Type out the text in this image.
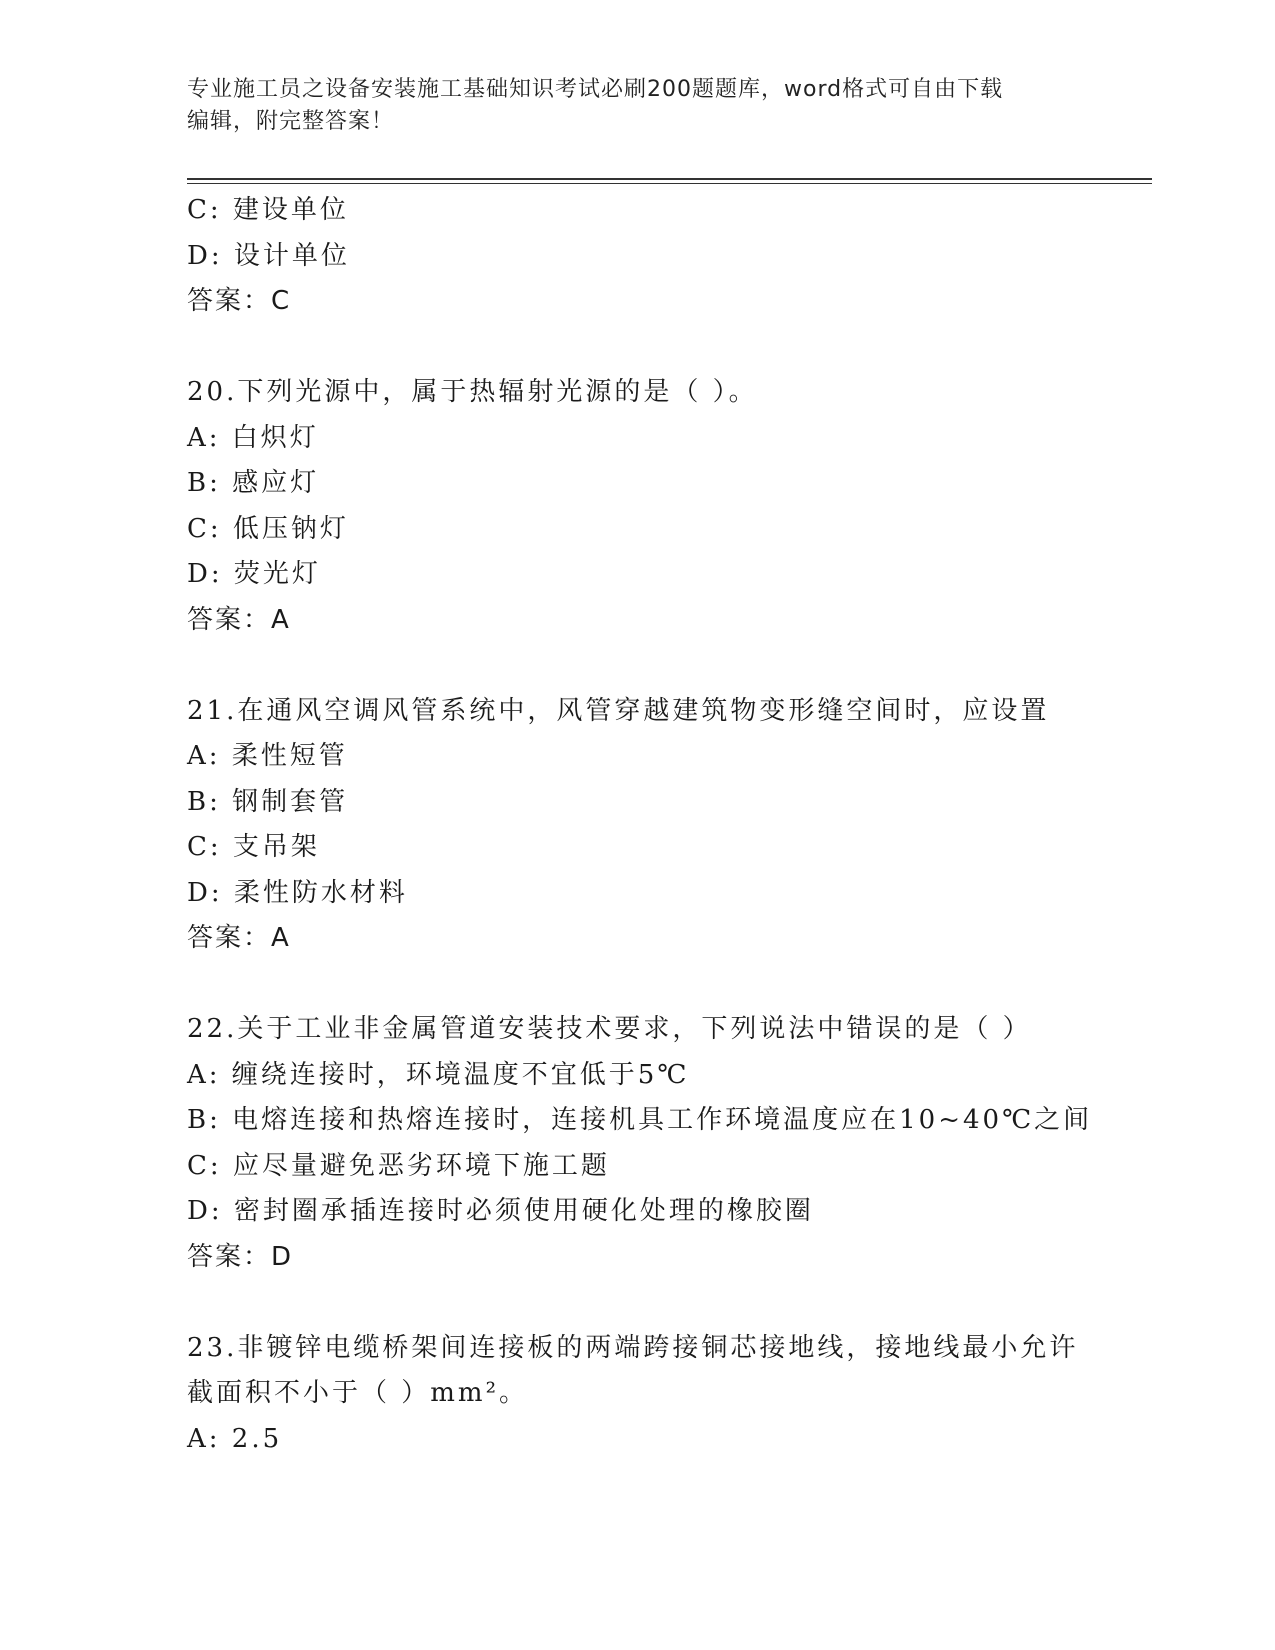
专业施工员之设备安装施工基础知识考试必刷200题题库，word格式可自由下载
编辑，附完整答案！
C: 建设单位
D: 设计单位
答案：C
20.下列光源中，属于热辐射光源的是（ ）。
A: 白炽灯
B: 感应灯
C: 低压钠灯
D: 荧光灯
答案：A
21.在通风空调风管系统中，风管穿越建筑物变形缝空间时，应设置
A: 柔性短管
B: 钢制套管
C: 支吊架
D: 柔性防水材料
答案：A
22.关于工业非金属管道安装技术要求，下列说法中错误的是（ ）
A: 缠绕连接时，环境温度不宜低于5℃
B: 电熔连接和热熔连接时，连接机具工作环境温度应在10~40℃之间
C: 应尽量避免恶劣环境下施工题
D: 密封圈承插连接时必须使用硬化处理的橡胶圈
答案：D
23.非镀锌电缆桥架间连接板的两端跨接铜芯接地线，接地线最小允许
截面积不小于（ ）mm²。
A: 2.5
